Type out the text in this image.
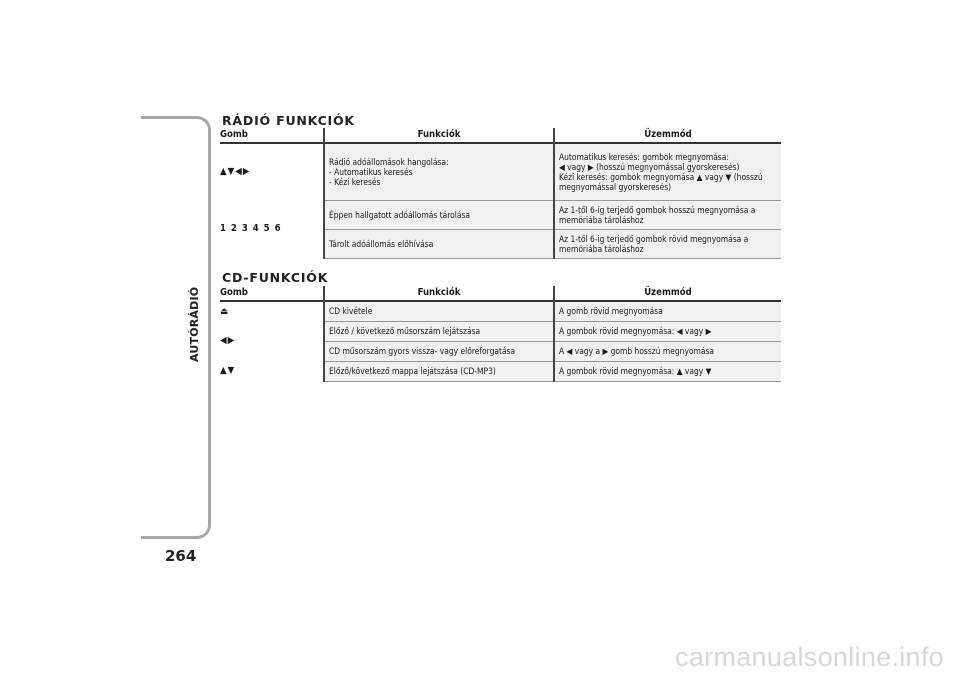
AUTÓRÁDIÓ
264
RÁDIÓ FUNKCIÓK
Gomb	Funkciók	Üzemmód
▲▼◀▶	Rádió adóállomások hangolása:
- Automatikus keresés
- Kézi keresés	Automatikus keresés: gombok megnyomása:
◀ vagy ▶ (hosszú megnyomással gyorskeresés)
Kézi keresés: gombok megnyomása ▲ vagy ▼ (hosszú megnyomással gyorskeresés)
1 2 3 4 5 6	Éppen hallgatott adóállomás tárolása	Az 1-től 6-ig terjedő gombok hosszú megnyomása a memóriába tároláshoz
	Tárolt adóállomás előhívása	Az 1-től 6-ig terjedő gombok rövid megnyomása a memóriába tároláshoz
CD-FUNKCIÓK
Gomb	Funkciók	Üzemmód
⏏	CD kivétele	A gomb rövid megnyomása
◀▶	Előző / következő műsorszám lejátszása	A gombok rövid megnyomása: ◀ vagy ▶
	CD műsorszám gyors vissza- vagy előreforgatása	A ◀ vagy a ▶ gomb hosszú megnyomása
▲▼	Előző/következő mappa lejátszása (CD-MP3)	A gombok rövid megnyomása: ▲ vagy ▼
carmanualsonline.info
